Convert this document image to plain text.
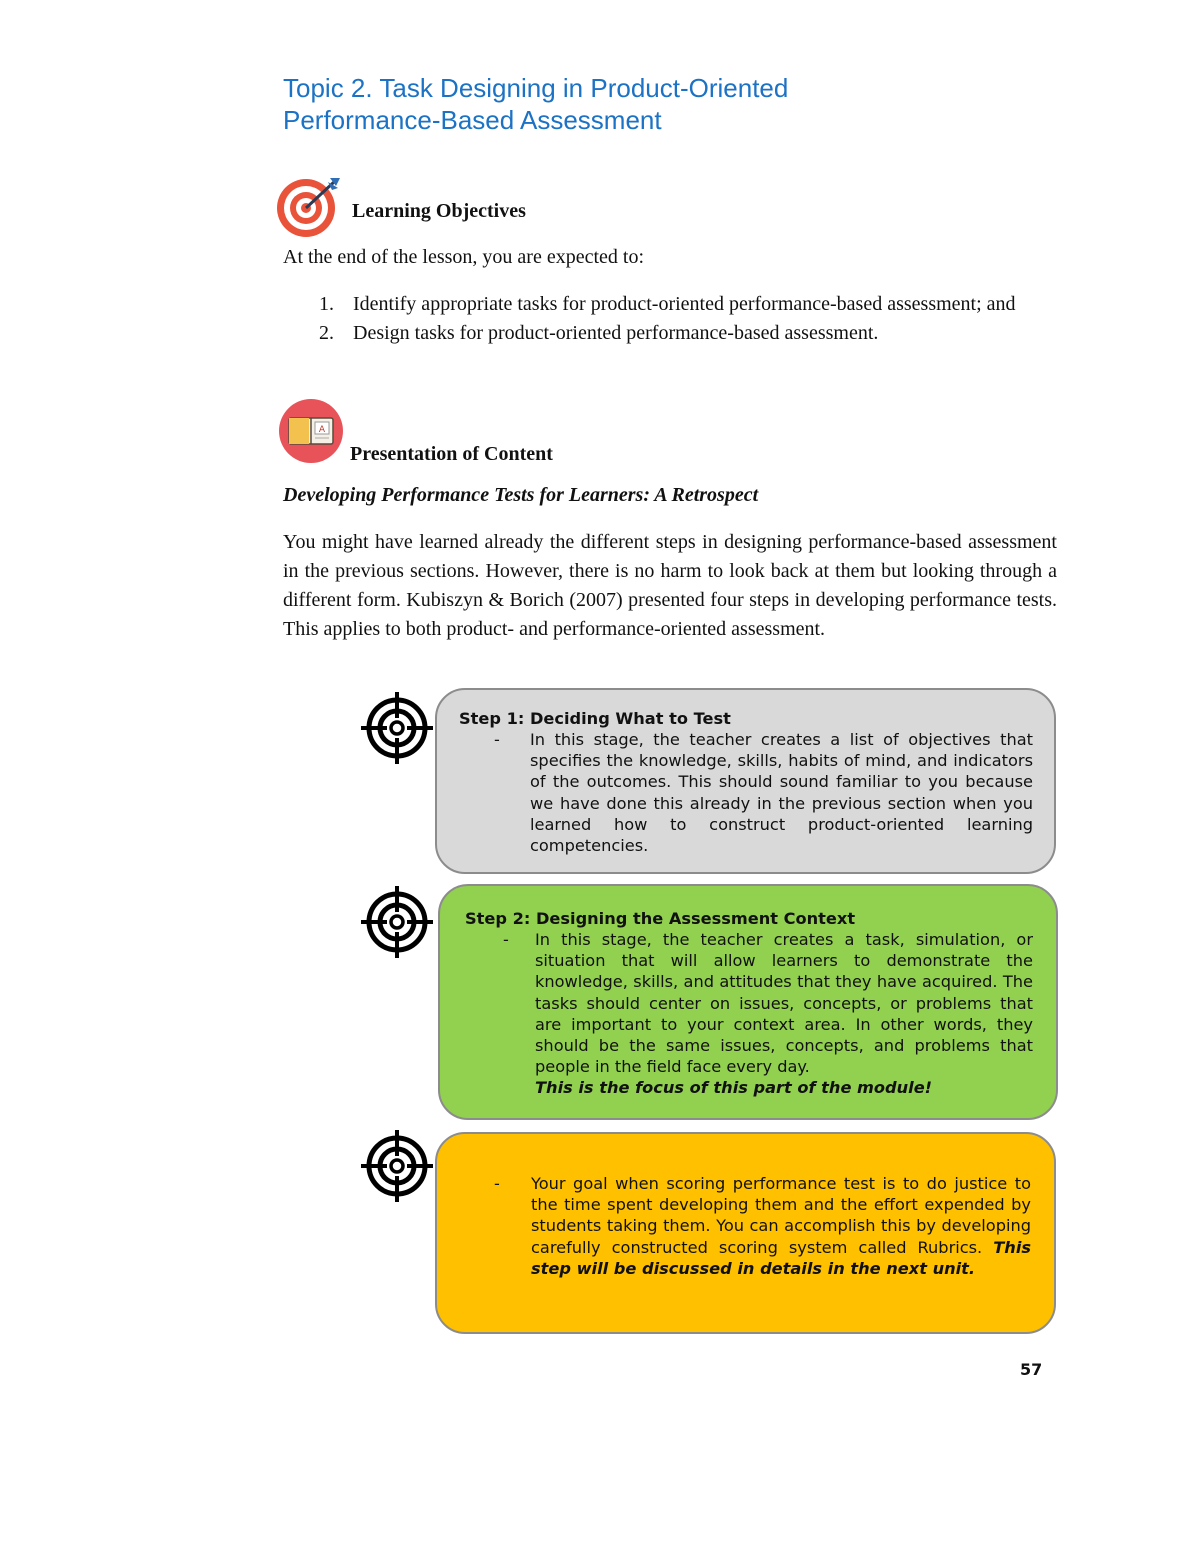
Topic 2. Task Designing in Product-Oriented
Performance-Based Assessment
Learning Objectives
At the end of the lesson, you are expected to:
1. Identify appropriate tasks for product-oriented performance-based assessment; and
2. Design tasks for product-oriented performance-based assessment.
A
Presentation of Content
Developing Performance Tests for Learners: A Retrospect
You might have learned already the different steps in designing performance-based assessment in the previous sections. However, there is no harm to look back at them but looking through a different form. Kubiszyn & Borich (2007) presented four steps in developing performance tests. This applies to both product- and performance-oriented assessment.
Step 1: Deciding What to Test
- In this stage, the teacher creates a list of objectives that specifies the knowledge, skills, habits of mind, and indicators of the outcomes. This should sound familiar to you because we have done this already in the previous section when you learned how to construct product-oriented learning competencies.
Step 2: Designing the Assessment Context
- In this stage, the teacher creates a task, simulation, or situation that will allow learners to demonstrate the knowledge, skills, and attitudes that they have acquired. The tasks should center on issues, concepts, or problems that are important to your context area. In other words, they should be the same issues, concepts, and problems that people in the field face every day.
This is the focus of this part of the module!
- Your goal when scoring performance test is to do justice to the time spent developing them and the effort expended by students taking them. You can accomplish this by developing carefully constructed scoring system called Rubrics. This step will be discussed in details in the next unit.
57
